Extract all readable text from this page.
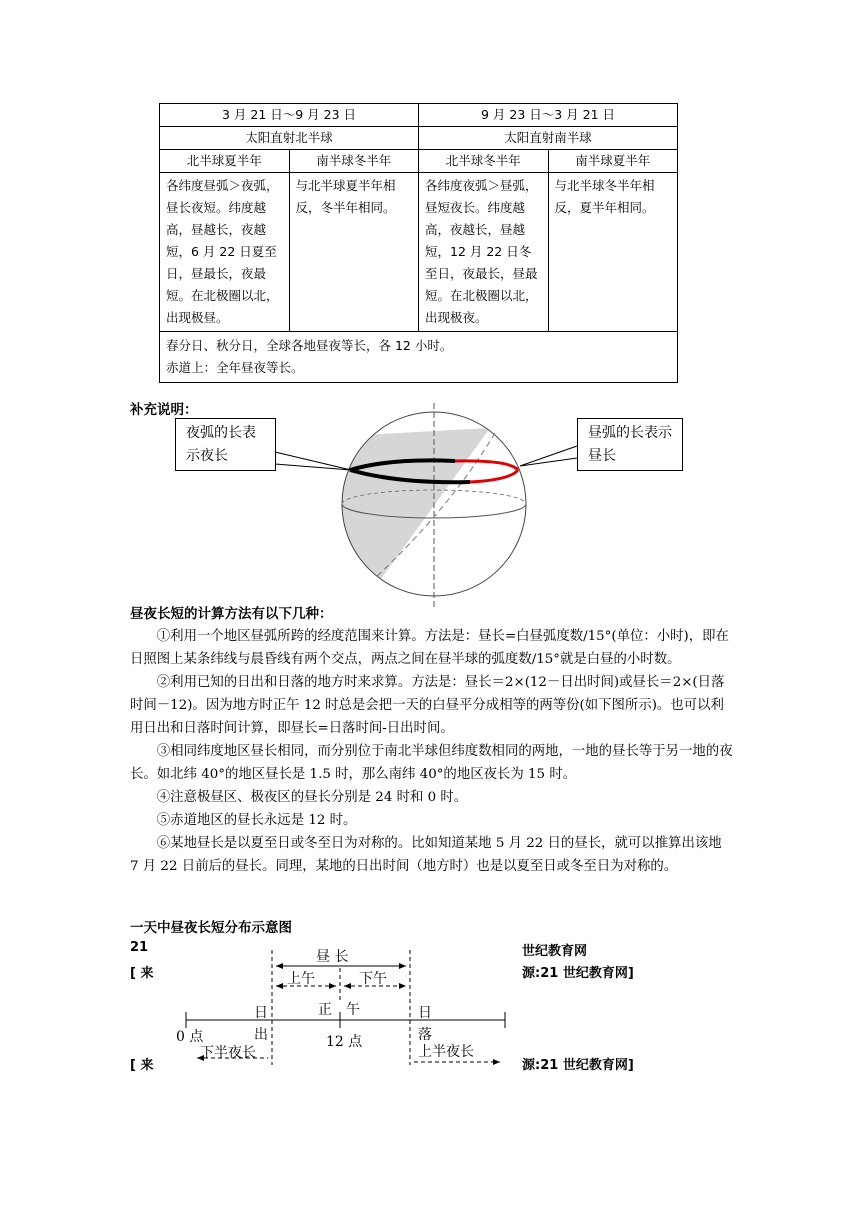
3 月 21 日～9 月 23 日		9 月 23 日～3 月 21 日	
太阳直射北半球		太阳直射南半球	
北半球夏半年	南半球冬半年	北半球冬半年	南半球夏半年
各纬度昼弧＞夜弧，昼长夜短。纬度越高，昼越长，夜越短，6 月 22 日夏至日，昼最长，夜最短。在北极圈以北，出现极昼。	与北半球夏半年相反，冬半年相同。	各纬度夜弧＞昼弧，昼短夜长。纬度越高，夜越长，昼越短，12 月 22 日冬至日，夜最长，昼最短。在北极圈以北，出现极夜。	与北半球冬半年相反，夏半年相同。

春分日、秋分日，全球各地昼夜等长，各 12 小时。
赤道上：全年昼夜等长。			
补充说明：
夜弧的长表示夜长
昼弧的长表示昼长
昼夜长短的计算方法有以下几种：

①利用一个地区昼弧所跨的经度范围来计算。方法是：昼长=白昼弧度数/15°(单位：小时)，即在日照图上某条纬线与晨昏线有两个交点，两点之间在昼半球的弧度数/15°就是白昼的小时数。

②利用已知的日出和日落的地方时来求算。方法是：昼长＝2×(12－日出时间)或昼长＝2×(日落时间－12)。因为地方时正午 12 时总是会把一天的白昼平分成相等的两等份(如下图所示)。也可以利用日出和日落时间计算，即昼长=日落时间-日出时间。

③相同纬度地区昼长相同，而分别位于南北半球但纬度数相同的两地，一地的昼长等于另一地的夜长。如北纬 40°的地区昼长是 1.5 时，那么南纬 40°的地区夜长为 15 时。

④注意极昼区、极夜区的昼长分别是 24 时和 0 时。

⑤赤道地区的昼长永远是 12 时。

⑥某地昼长是以夏至日或冬至日为对称的。比如知道某地 5 月 22 日的昼长，就可以推算出该地 7 月 22 日前后的昼长。同理，某地的日出时间（地方时）也是以夏至日或冬至日为对称的。

一天中昼夜长短分布示意图
21	世纪教育网
[ 来	源:21 世纪教育网]
[ 来	源:21 世纪教育网]
昼 长
上午	下午
正 午
日
出
日
落
0 点	12 点
下半夜长	上半夜长
